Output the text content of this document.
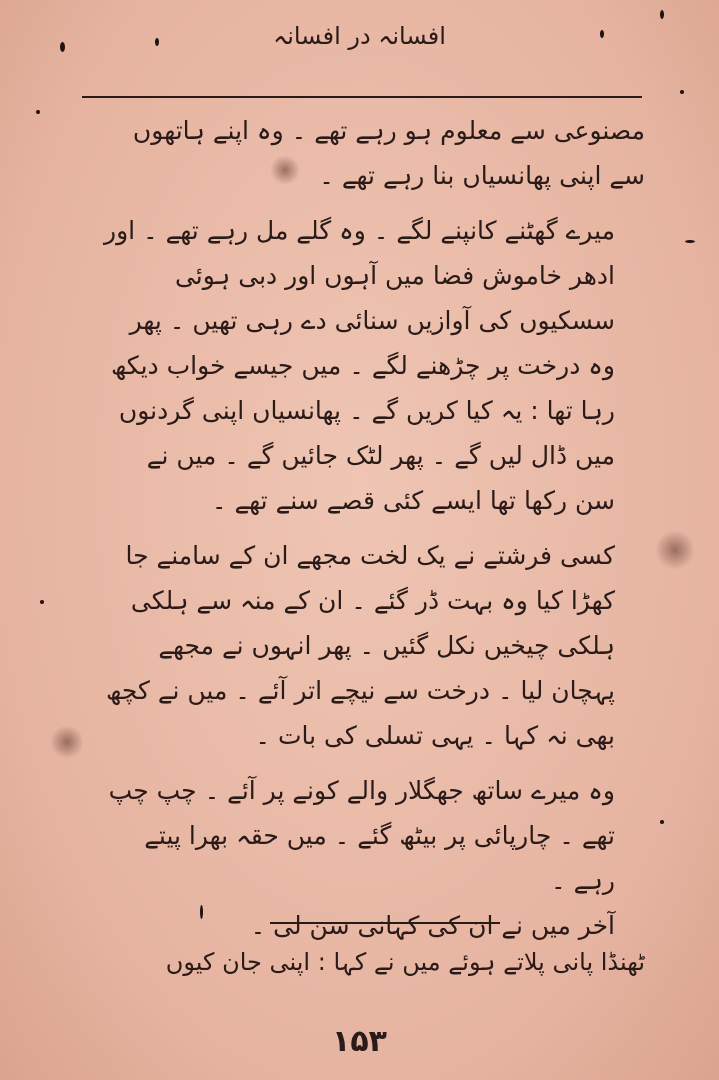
افسانہ در افسانہ

مصنوعی سے معلوم ہو رہے تھے ۔ وہ اپنے ہاتھوں سے اپنی پھانسیاں بنا رہے تھے ۔

میرے گھٹنے کانپنے لگے ۔ وہ گلے مل رہے تھے ۔ اور ادھر خاموش فضا میں آہوں اور دبی ہوئی سسکیوں کی آوازیں سنائی دے رہی تھیں ۔ پھر وہ درخت پر چڑھنے لگے ۔ میں جیسے خواب دیکھ رہا تھا : یہ کیا کریں گے ۔ پھانسیاں اپنی گردنوں میں ڈال لیں گے ۔ پھر لٹک جائیں گے ۔ میں نے سن رکھا تھا ایسے کئی قصے سنے تھے ۔

کسی فرشتے نے یک لخت مجھے ان کے سامنے جا کھڑا کیا وہ بہت ڈر گئے ۔ ان کے منہ سے ہلکی ہلکی چیخیں نکل گئیں ۔ پھر انہوں نے مجھے پہچان لیا ۔ درخت سے نیچے اتر آئے ۔ میں نے کچھ بھی نہ کہا ۔ یہی تسلی کی بات ۔

وہ میرے ساتھ جھگلار والے کونے پر آئے ۔ چپ چپ تھے ۔ چارپائی پر بیٹھ گئے ۔ میں حقہ بھرا پیتے رہے ۔

آخر میں نے ان کی کہانی سن لی ۔

ٹھنڈا پانی پلاتے ہوئے میں نے کہا : اپنی جان کیوں
۱۵۳
